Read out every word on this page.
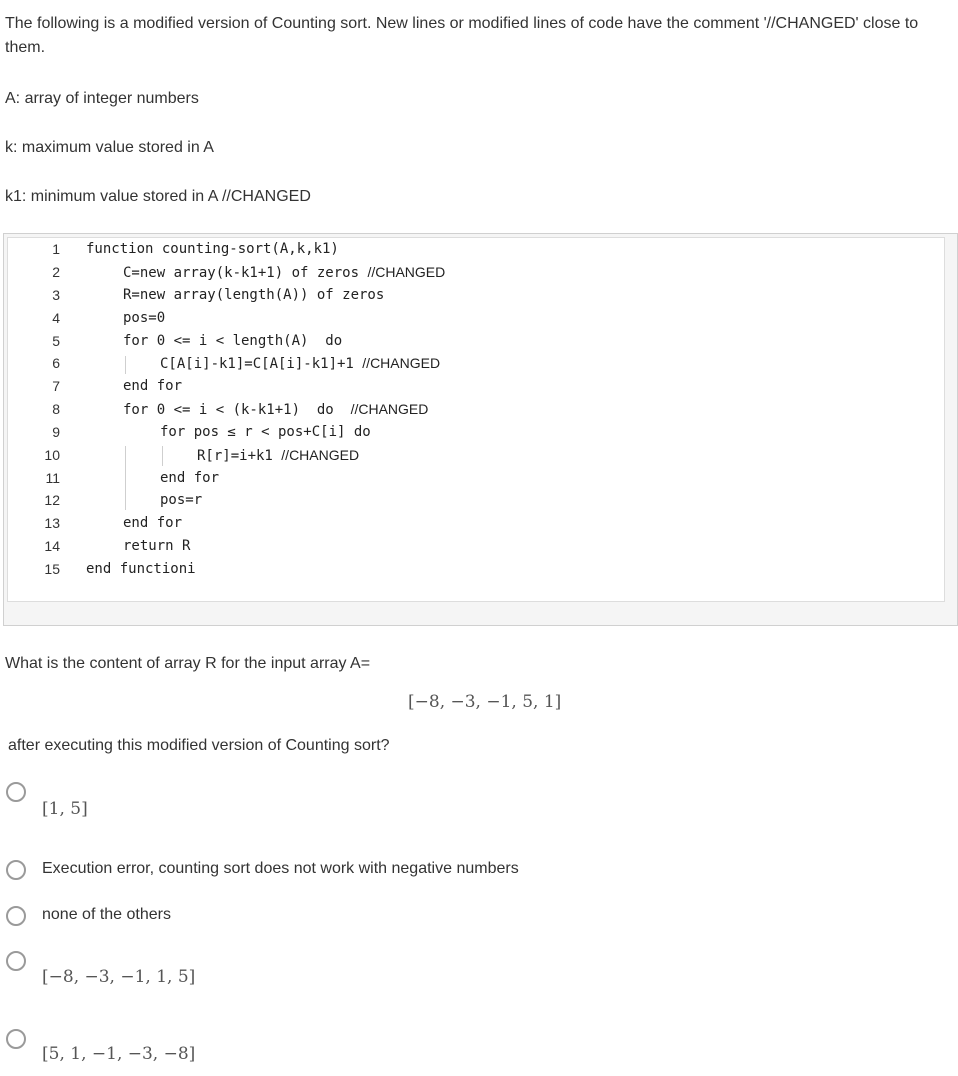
The following is a modified version of Counting sort. New lines or modified lines of code have the comment '//CHANGED' close to them.

A: array of integer numbers

k: maximum value stored in A

k1: minimum value stored in A //CHANGED

1
2
3
4
5
6
7
8
9
10
11
12
13
14
15
function counting-sort(A,k,k1)
C=new array(k-k1+1) of zeros //CHANGED
R=new array(length(A)) of zeros
pos=0
for 0 <= i < length(A)  do
C[A[i]-k1]=C[A[i]-k1]+1 //CHANGED
end for
for 0 <= i < (k-k1+1)  do  //CHANGED
for pos ≤ r < pos+C[i] do
R[r]=i+k1 //CHANGED
end for
pos=r
end for
return R
end functioni

What is the content of array R for the input array A=

[−8, −3, −1, 5, 1]

after executing this modified version of Counting sort?

[1, 5]
Execution error, counting sort does not work with negative numbers
none of the others
[−8, −3, −1, 1, 5]
[5, 1, −1, −3, −8]
